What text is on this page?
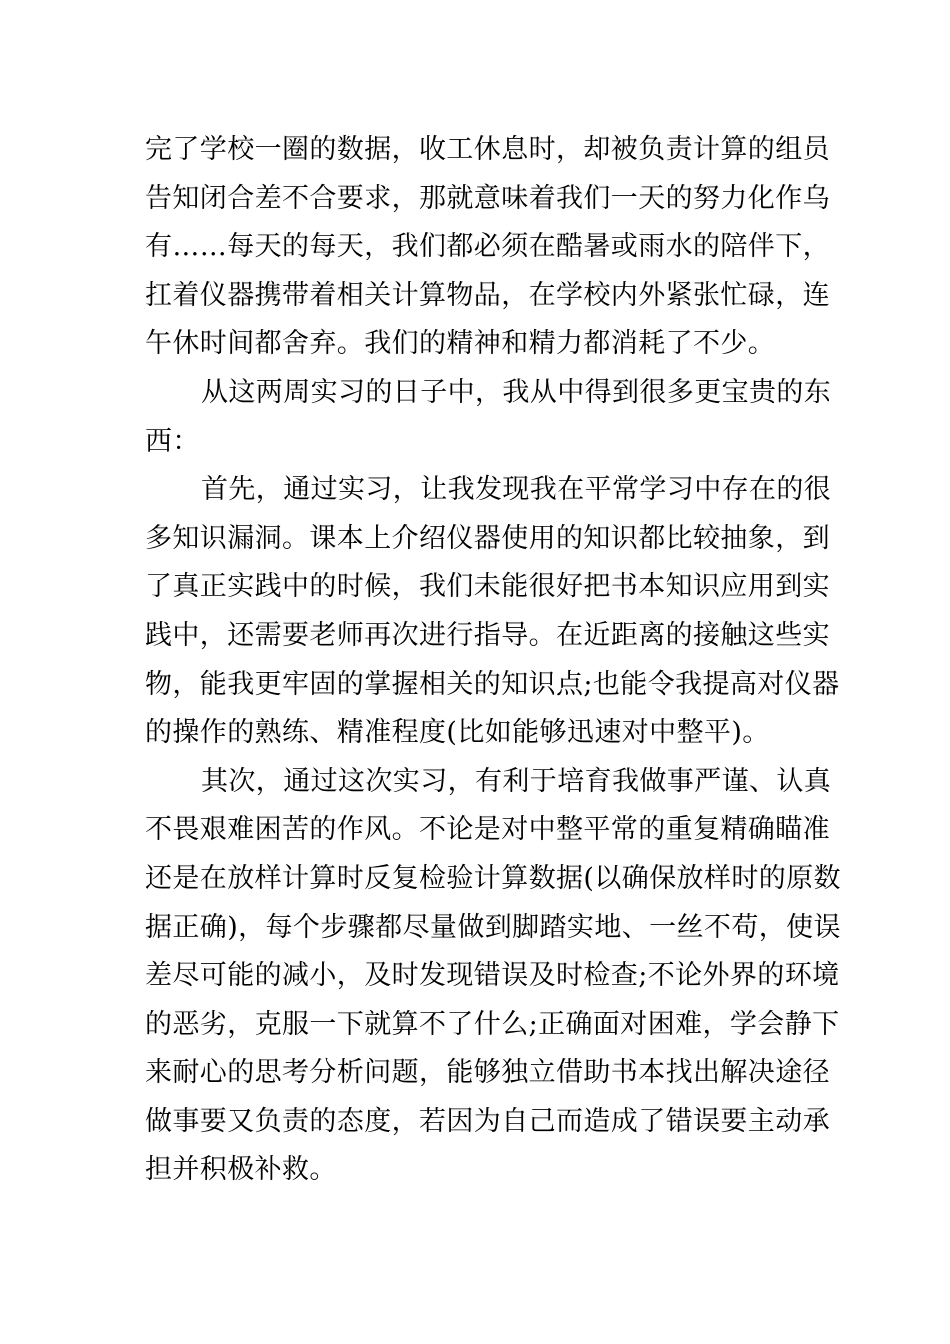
完了学校一圈的数据，收工休息时，却被负责计算的组员
告知闭合差不合要求，那就意味着我们一天的努力化作乌
有……每天的每天，我们都必须在酷暑或雨水的陪伴下，
扛着仪器携带着相关计算物品，在学校内外紧张忙碌，连
午休时间都舍弃。我们的精神和精力都消耗了不少。
从这两周实习的日子中，我从中得到很多更宝贵的东
西：
首先，通过实习，让我发现我在平常学习中存在的很
多知识漏洞。课本上介绍仪器使用的知识都比较抽象，到
了真正实践中的时候，我们未能很好把书本知识应用到实
践中，还需要老师再次进行指导。在近距离的接触这些实
物，能我更牢固的掌握相关的知识点;也能令我提高对仪器
的操作的熟练、精准程度(比如能够迅速对中整平)。
其次，通过这次实习，有利于培育我做事严谨、认真
不畏艰难困苦的作风。不论是对中整平常的重复精确瞄准
还是在放样计算时反复检验计算数据(以确保放样时的原数
据正确)，每个步骤都尽量做到脚踏实地、一丝不苟，使误
差尽可能的减小，及时发现错误及时检查;不论外界的环境
的恶劣，克服一下就算不了什么;正确面对困难，学会静下
来耐心的思考分析问题，能够独立借助书本找出解决途径
做事要又负责的态度，若因为自己而造成了错误要主动承
担并积极补救。
